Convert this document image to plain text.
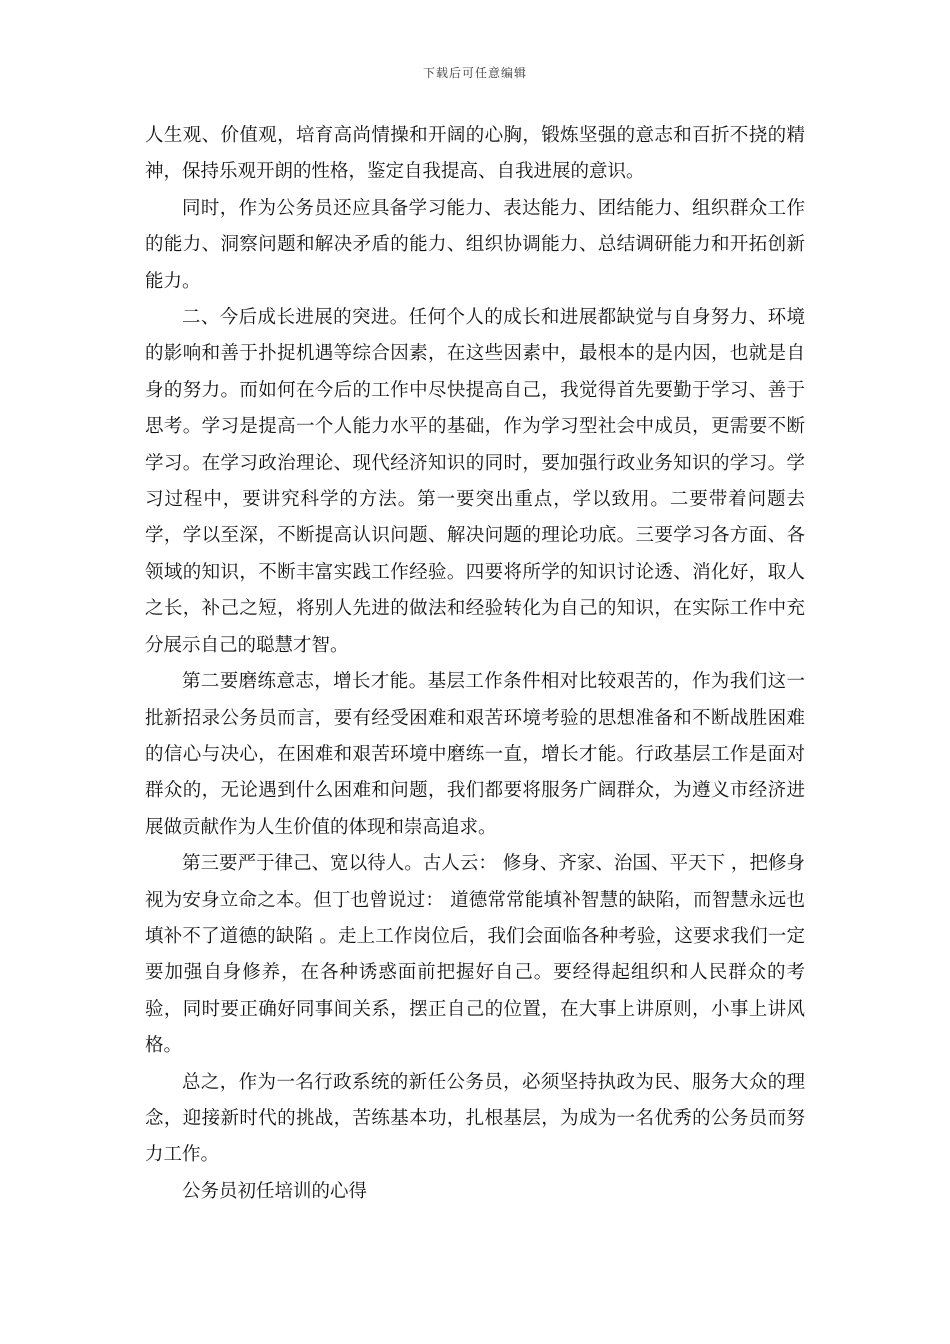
下载后可任意编辑

人生观、价值观，培育高尚情操和开阔的心胸，锻炼坚强的意志和百折不挠的精神，保持乐观开朗的性格，鉴定自我提高、自我进展的意识。

同时，作为公务员还应具备学习能力、表达能力、团结能力、组织群众工作的能力、洞察问题和解决矛盾的能力、组织协调能力、总结调研能力和开拓创新能力。

二、今后成长进展的突进。任何个人的成长和进展都缺觉与自身努力、环境的影响和善于扑捉机遇等综合因素，在这些因素中，最根本的是内因，也就是自身的努力。而如何在今后的工作中尽快提高自己，我觉得首先要勤于学习、善于思考。学习是提高一个人能力水平的基础，作为学习型社会中成员，更需要不断学习。在学习政治理论、现代经济知识的同时，要加强行政业务知识的学习。学习过程中，要讲究科学的方法。第一要突出重点，学以致用。二要带着问题去学，学以至深，不断提高认识问题、解决问题的理论功底。三要学习各方面、各领域的知识，不断丰富实践工作经验。四要将所学的知识讨论透、消化好，取人之长，补己之短，将别人先进的做法和经验转化为自己的知识，在实际工作中充分展示自己的聪慧才智。

第二要磨练意志，增长才能。基层工作条件相对比较艰苦的，作为我们这一批新招录公务员而言，要有经受困难和艰苦环境考验的思想准备和不断战胜困难的信心与决心，在困难和艰苦环境中磨练一直，增长才能。行政基层工作是面对群众的，无论遇到什么困难和问题，我们都要将服务广阔群众，为遵义市经济进展做贡献作为人生价值的体现和崇高追求。

第三要严于律己、宽以待人。古人云： 修身、齐家、治国、平天下 ，把修身视为安身立命之本。但丁也曾说过： 道德常常能填补智慧的缺陷，而智慧永远也填补不了道德的缺陷 。走上工作岗位后，我们会面临各种考验，这要求我们一定要加强自身修养，在各种诱惑面前把握好自己。要经得起组织和人民群众的考验，同时要正确好同事间关系，摆正自己的位置，在大事上讲原则，小事上讲风格。

总之，作为一名行政系统的新任公务员，必须坚持执政为民、服务大众的理念，迎接新时代的挑战，苦练基本功，扎根基层，为成为一名优秀的公务员而努力工作。

公务员初任培训的心得
